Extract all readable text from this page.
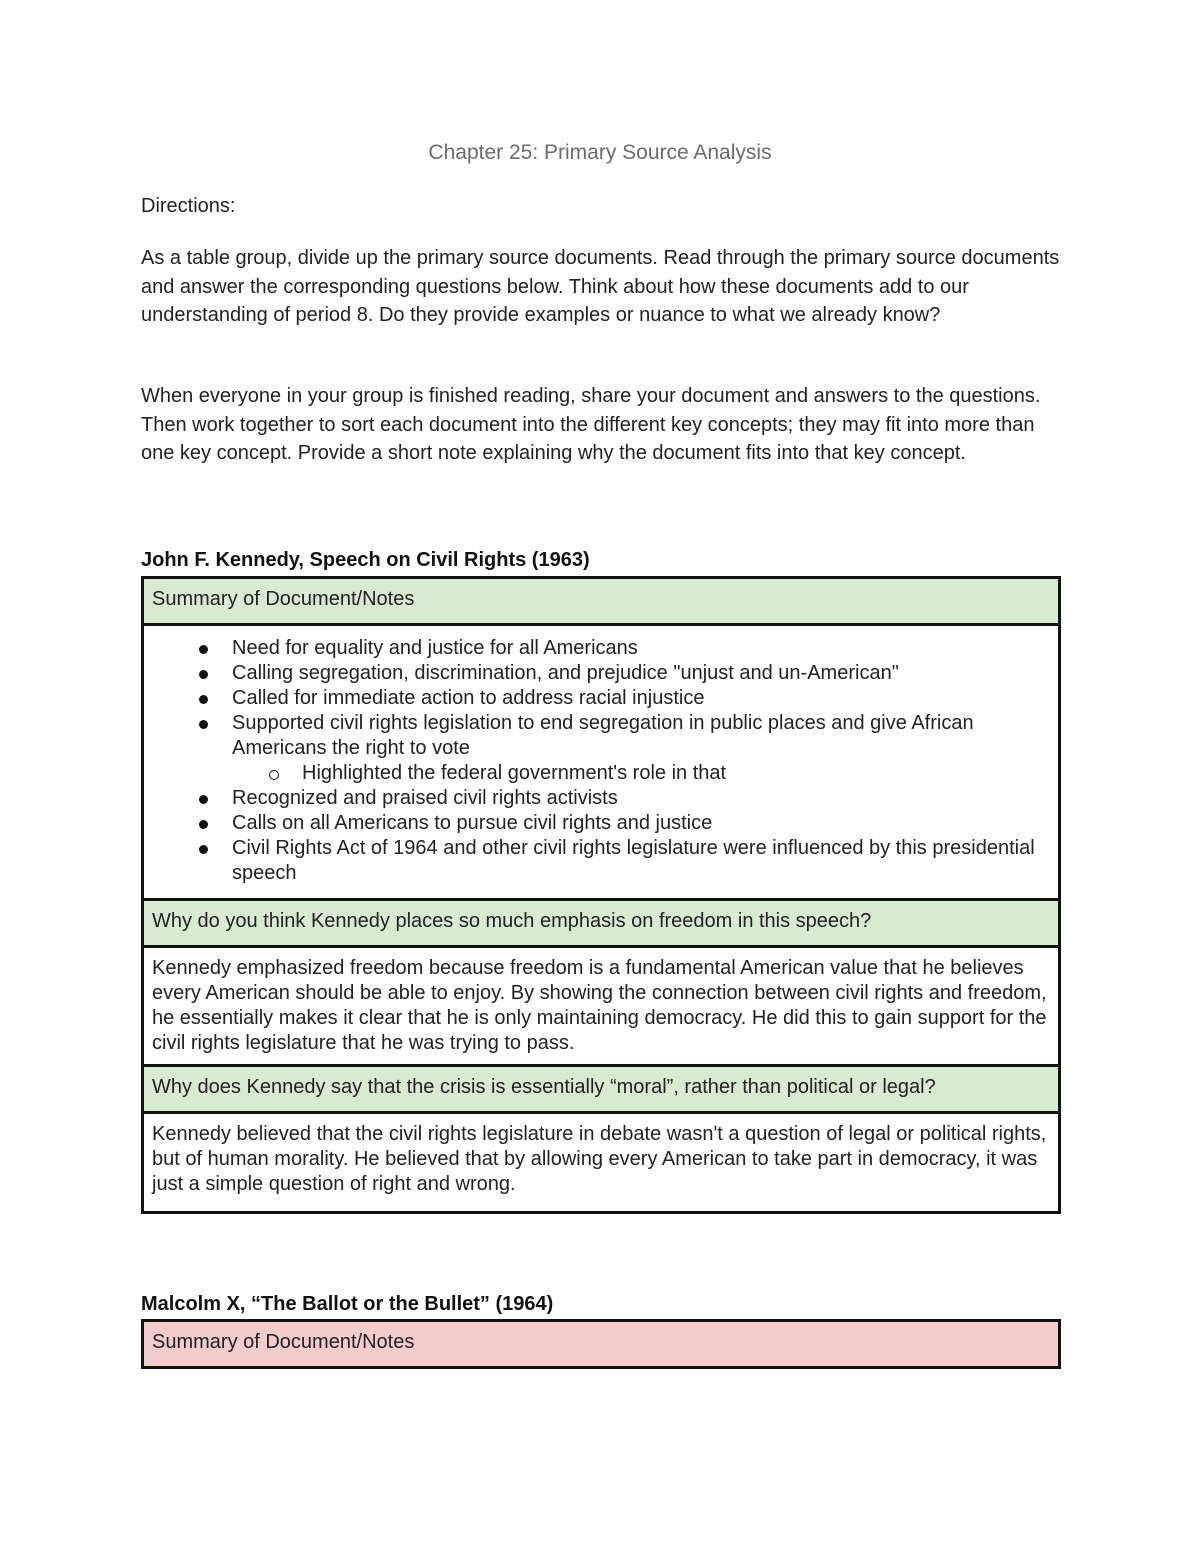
Chapter 25: Primary Source Analysis

Directions:

As a table group, divide up the primary source documents. Read through the primary source documents and answer the corresponding questions below. Think about how these documents add to our understanding of period 8. Do they provide examples or nuance to what we already know?

When everyone in your group is finished reading, share your document and answers to the questions. Then work together to sort each document into the different key concepts; they may fit into more than one key concept. Provide a short note explaining why the document fits into that key concept.

John F. Kennedy, Speech on Civil Rights (1963)
Summary of Document/Notes

Need for equality and justice for all Americans
Calling segregation, discrimination, and prejudice "unjust and un-American"
Called for immediate action to address racial injustice
Supported civil rights legislation to end segregation in public places and give African Americans the right to vote
Highlighted the federal government's role in that
Recognized and praised civil rights activists
Calls on all Americans to pursue civil rights and justice
Civil Rights Act of 1964 and other civil rights legislature were influenced by this presidential speech

Why do you think Kennedy places so much emphasis on freedom in this speech?
Kennedy emphasized freedom because freedom is a fundamental American value that he believes every American should be able to enjoy. By showing the connection between civil rights and freedom, he essentially makes it clear that he is only maintaining democracy. He did this to gain support for the civil rights legislature that he was trying to pass.
Why does Kennedy say that the crisis is essentially “moral”, rather than political or legal?
Kennedy believed that the civil rights legislature in debate wasn't a question of legal or political rights, but of human morality. He believed that by allowing every American to take part in democracy, it was just a simple question of right and wrong.
Malcolm X, “The Ballot or the Bullet” (1964)
Summary of Document/Notes
